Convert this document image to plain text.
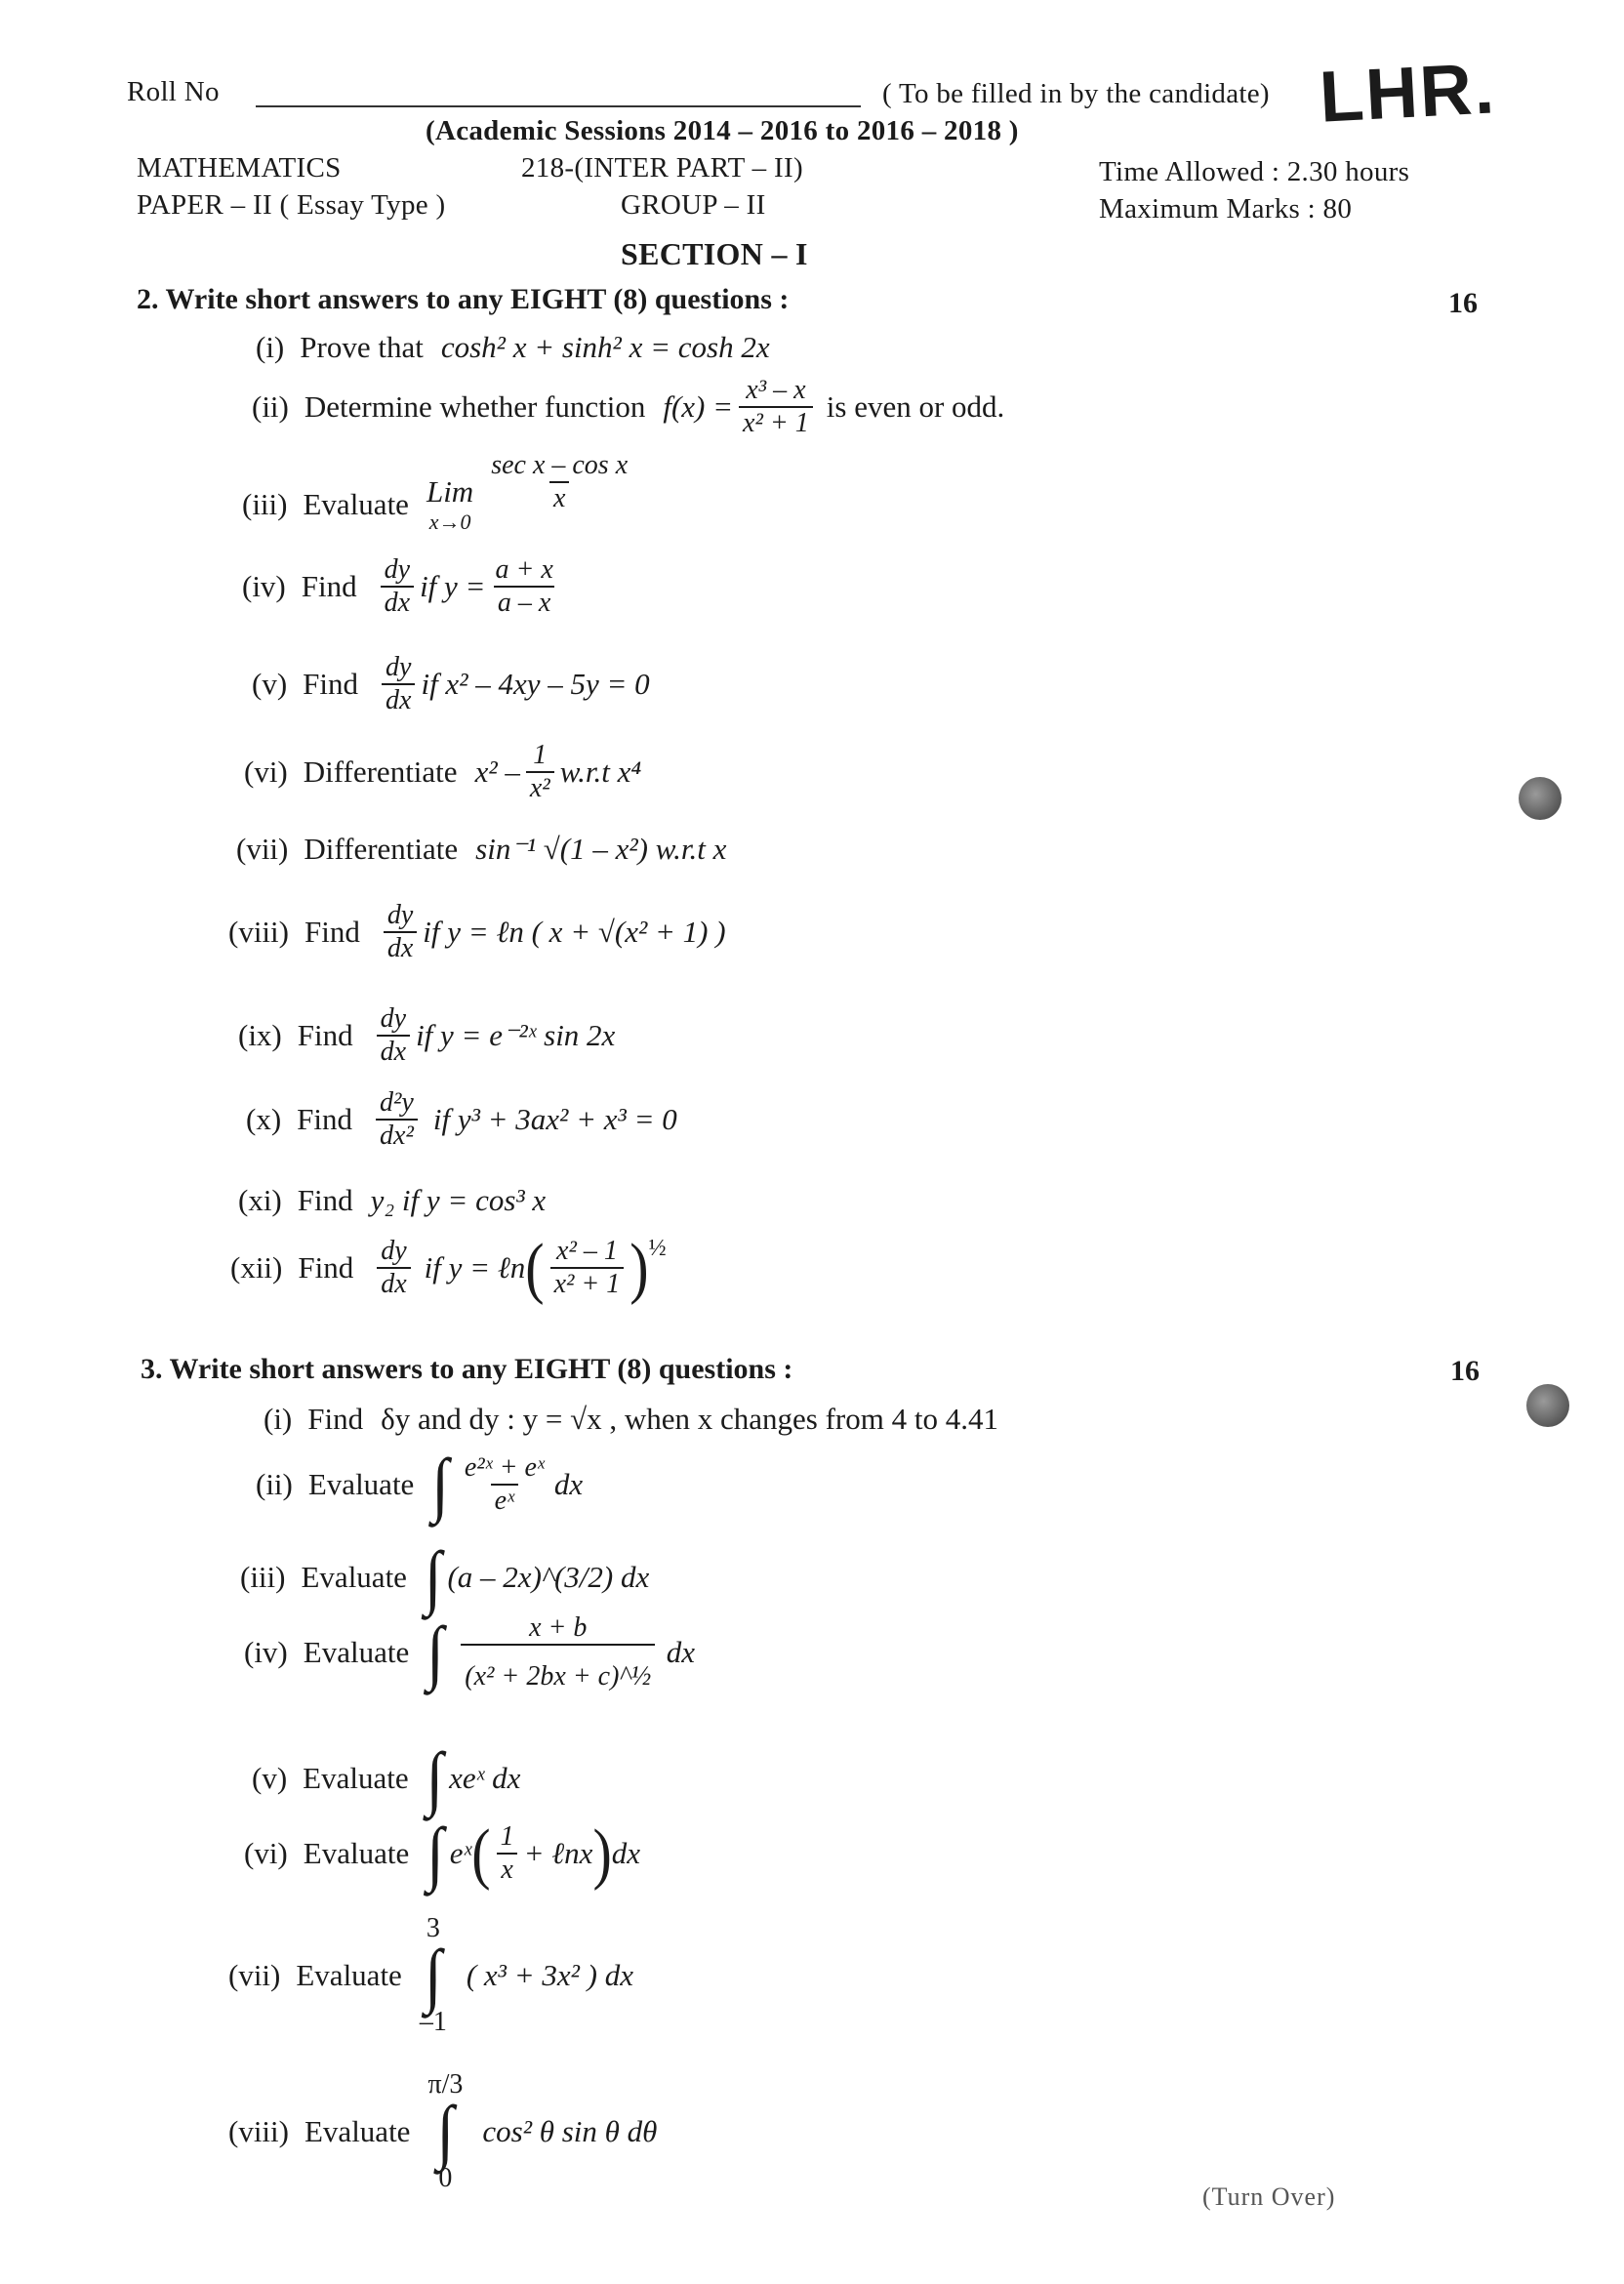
Roll No	( To be filled in by the candidate) LHR.
(Academic Sessions 2014 – 2016 to 2016 – 2018 )
MATHEMATICS	218-(INTER PART – II)	Time Allowed : 2.30 hours
PAPER – II ( Essay Type )	GROUP – II	Maximum Marks : 80
SECTION – I
2. Write short answers to any EIGHT (8) questions :	16
(i) Prove that cosh² x + sinh² x = cosh 2x
(ii) Determine whether function $f(x) = \frac{\text{x³ – x}}{\text{x² + 1}}$ is even or odd.
(iii) Evaluate Lim
x→0
$\frac{\text{sec x – cos x}}{x}$
(iv) Find $\frac{dy}{dx}$ if $y = \frac{a + x}{a - x}$
(v) Find $\frac{dy}{dx}$ if x² – 4xy – 5y = 0
(vi) Differentiate $x^2 - \frac{1}{\text{x²}} w.r.t$ x⁴
(vii) Differentiate sin⁻¹ √(1 – x²) w.r.t x
(viii) Find $\frac{dy}{dx}$ if y = ℓn ( x + √(x² + 1) )
(ix) Find $\frac{dy}{dx}$ if y = e⁻²ˣ sin 2x
(x) Find $\frac{\text{d²y}}{\text{dx²}}$ if y³ + 3ax² + x³ = 0
(xi) Find y₂ if y = cos³ x
(xii) Find $\frac{dy}{dx}$ if y = ℓn ( $\frac{\text{x² – 1}}{\text{x² + 1}}$ ) ½
3. Write short answers to any EIGHT (8) questions :	16
(i) Find δy and dy : y = √x , when x changes from 4 to 4.41
(ii) Evaluate ∫ $\frac{\text{e²ˣ + eˣ}}{\text{eˣ}}$ dx
(iii) Evaluate ∫ (a – 2x)^(3/2) dx
(iv) Evaluate ∫ $\frac{x + b}{\text{(x² + 2bx + c)\textasciicircum{}½}}$ dx
(v) Evaluate ∫ xeˣ dx
(vi) Evaluate ∫ eˣ ( $\frac{1}{x}$ + ℓnx ) dx
(vii) Evaluate
3
∫
–1
( x³ + 3x² ) dx
(viii) Evaluate
π/3
∫
0
cos² θ sin θ dθ
(Turn Over)
